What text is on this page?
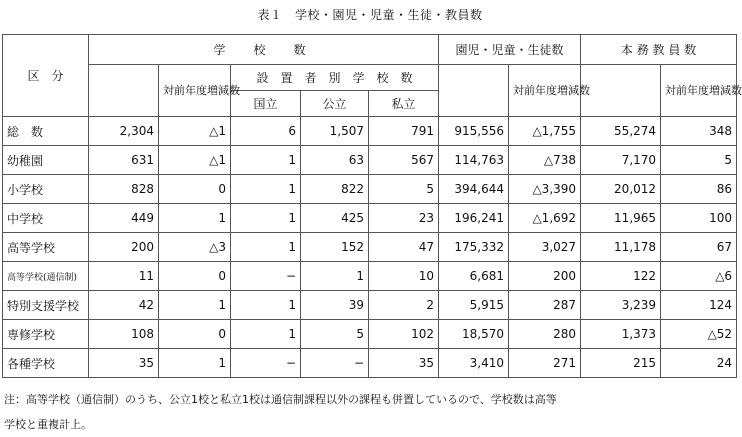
表１　学校・園児・児童・生徒・教員数
区　分	学　校　数					園児・児童・生徒数		本 務 教 員 数	
		対前年度増減数	設　置　者　別　学　校　数				対前年度増減数		対前年度増減数
			国立	公立	私立				
総　数	2,304	△1	6	1,507	791	915,556	△1,755	55,274	348
幼稚園	631	△1	1	63	567	114,763	△738	7,170	5
小学校	828	0	1	822	5	394,644	△3,390	20,012	86
中学校	449	1	1	425	23	196,241	△1,692	11,965	100
高等学校	200	△3	1	152	47	175,332	3,027	11,178	67
高等学校(通信制)	11	0	−	1	10	6,681	200	122	△6
特別支援学校	42	1	1	39	2	5,915	287	3,239	124
専修学校	108	0	1	5	102	18,570	280	1,373	△52
各種学校	35	1	−	−	35	3,410	271	215	24
注：高等学校（通信制）のうち、公立1校と私立1校は通信制課程以外の課程も併置しているので、学校数は高等
学校と重複計上。
